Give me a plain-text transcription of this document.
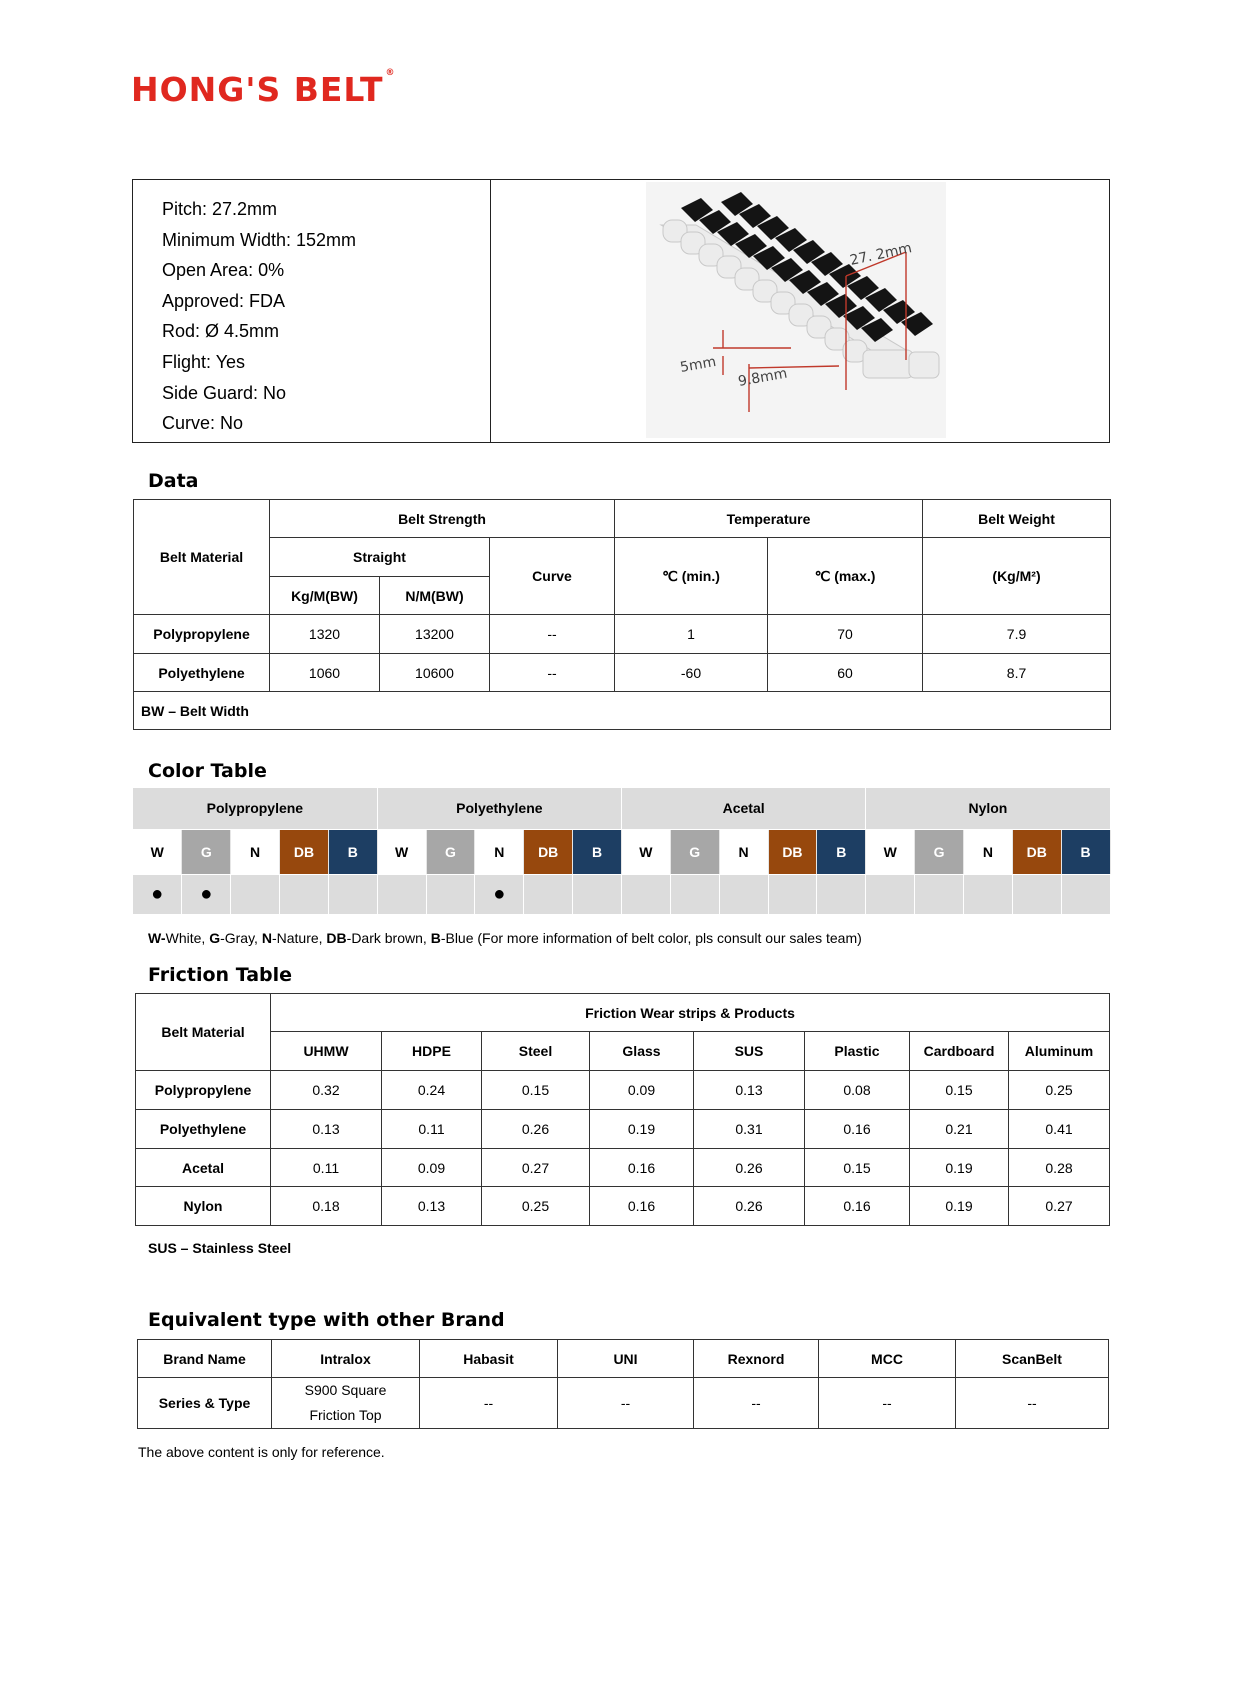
HONG'S BELT ®
Pitch: 27.2mm
Minimum Width: 152mm
Open Area: 0%
Approved: FDA
Rod: Ø 4.5mm
Flight: Yes
Side Guard: No
Curve: No
27. 2mm
5mm
9.8mm
Data
Belt Material	Belt Strength			Temperature		Belt Weight
	Straight		Curve	℃ (min.)	℃ (max.)	(Kg/M²)
	Kg/M(BW)	N/M(BW)				
Polypropylene	1320	13200	--	1	70	7.9
Polyethylene	1060	10600	--	-60	60	8.7
BW – Belt Width						
Color Table
Polypropylene					Polyethylene					Acetal					Nylon				
W	G	N	DB	B	W	G	N	DB	B	W	G	N	DB	B	W	G	N	DB	B
●	●						●												
W-White, G-Gray, N-Nature, DB-Dark brown, B-Blue (For more information of belt color, pls consult our sales team)
Friction Table
Belt Material	Friction Wear strips & Products							
	UHMW	HDPE	Steel	Glass	SUS	Plastic	Cardboard	Aluminum
Polypropylene	0.32	0.24	0.15	0.09	0.13	0.08	0.15	0.25
Polyethylene	0.13	0.11	0.26	0.19	0.31	0.16	0.21	0.41
Acetal	0.11	0.09	0.27	0.16	0.26	0.15	0.19	0.28
Nylon	0.18	0.13	0.25	0.16	0.26	0.16	0.19	0.27
SUS – Stainless Steel
Equivalent type with other Brand
Brand Name	Intralox	Habasit	UNI	Rexnord	MCC	ScanBelt
Series & Type	S900 Square
Friction Top	--	--	--	--	--
The above content is only for reference.
